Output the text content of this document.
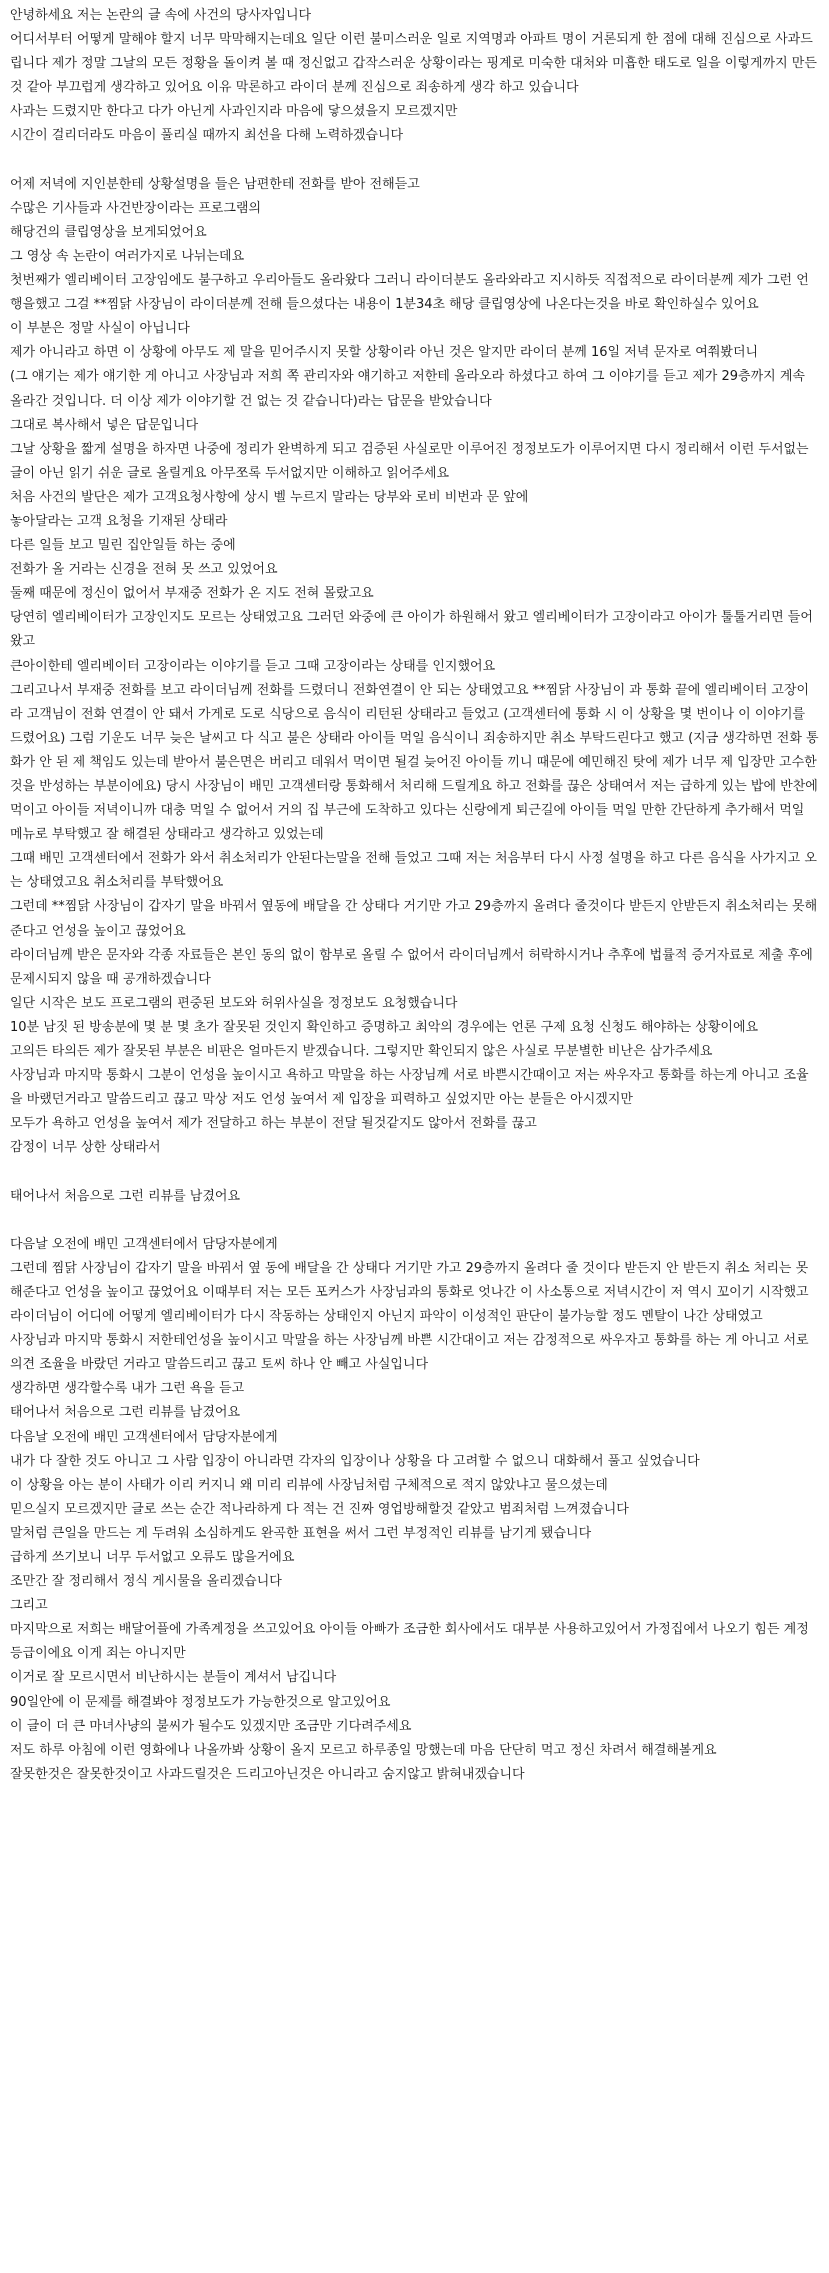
안녕하세요 저는 논란의 글 속에 사건의 당사자입니다

어디서부터 어떻게 말해야 할지 너무 막막해지는데요 일단 이런 불미스러운 일로 지역명과 아파트 명이 거론되게 한 점에 대해 진심으로 사과드립니다 제가 정말 그날의 모든 정황을 돌이켜 볼 때 정신없고 갑작스러운 상황이라는 핑계로 미숙한 대처와 미흡한 태도로 일을 이렇게까지 만든 것 같아 부끄럽게 생각하고 있어요 이유 막론하고 라이더 분께 진심으로 죄송하게 생각 하고 있습니다

사과는 드렸지만 한다고 다가 아닌게 사과인지라 마음에 닿으셨을지 모르겠지만

시간이 걸리더라도 마음이 풀리실 때까지 최선을 다해 노력하겠습니다

어제 저녁에 지인분한테 상황설명을 들은 남편한테 전화를 받아 전해듣고

수많은 기사들과 사건반장이라는 프로그램의

해당건의 클립영상을 보게되었어요

그 영상 속 논란이 여러가지로 나뉘는데요

첫번째가 엘리베이터 고장임에도 불구하고 우리아들도 올라왔다 그러니 라이더분도 올라와라고 지시하듯 직접적으로 라이더분께 제가 그런 언행을했고 그걸 **찜닭 사장님이 라이더분께 전해 들으셨다는 내용이 1분34초 해당 클립영상에 나온다는것을 바로 확인하실수 있어요

이 부분은 정말 사실이 아닙니다

제가 아니라고 하면 이 상황에 아무도 제 말을 믿어주시지 못할 상황이라 아닌 것은 알지만 라이더 분께 16일 저녁 문자로 여쭤봤더니

(그 얘기는 제가 얘기한 게 아니고 사장님과 저희 쪽 관리자와 얘기하고 저한테 올라오라 하셨다고 하여 그 이야기를 듣고 제가 29층까지 계속 올라간 것입니다. 더 이상 제가 이야기할 건 없는 것 같습니다)라는 답문을 받았습니다

그대로 복사해서 넣은 답문입니다

그날 상황을 짧게 설명을 하자면 나중에 정리가 완벽하게 되고 검증된 사실로만 이루어진 정정보도가 이루어지면 다시 정리해서 이런 두서없는 글이 아닌 읽기 쉬운 글로 올릴게요 아무쪼록 두서없지만 이해하고 읽어주세요

처음 사건의 발단은 제가 고객요청사항에 상시 벨 누르지 말라는 당부와 로비 비번과 문 앞에

놓아달라는 고객 요청을 기재된 상태라

다른 일들 보고 밀린 집안일들 하는 중에

전화가 올 거라는 신경을 전혀 못 쓰고 있었어요

둘째 때문에 정신이 없어서 부재중 전화가 온 지도 전혀 몰랐고요

당연히 엘리베이터가 고장인지도 모르는 상태였고요 그러던 와중에 큰 아이가 하원해서 왔고 엘리베이터가 고장이라고 아이가 툴툴거리면 들어왔고

큰아이한테 엘리베이터 고장이라는 이야기를 듣고 그때 고장이라는 상태를 인지했어요

그리고나서 부재중 전화를 보고 라이더님께 전화를 드렸더니 전화연결이 안 되는 상태였고요 **찜닭 사장님이 과 통화 끝에 엘리베이터 고장이라 고객님이 전화 연결이 안 돼서 가게로 도로 식당으로 음식이 리턴된 상태라고 들었고 (고객센터에 통화 시 이 상황을 몇 번이나 이 이야기를 드렸어요) 그럼 기운도 너무 늦은 날씨고 다 식고 불은 상태라 아이들 먹일 음식이니 죄송하지만 취소 부탁드린다고 했고 (지금 생각하면 전화 통화가 안 된 제 책임도 있는데 받아서 불은면은 버리고 데워서 먹이면 될걸 늦어진 아이들 끼니 때문에 예민해진 탓에 제가 너무 제 입장만 고수한 것을 반성하는 부분이에요) 당시 사장님이 배민 고객센터랑 통화해서 처리해 드릴게요 하고 전화를 끊은 상태여서 저는 급하게 있는 밥에 반찬에 먹이고 아이들 저녁이니까 대충 먹일 수 없어서 거의 집 부근에 도착하고 있다는 신랑에게 퇴근길에 아이들 먹일 만한 간단하게 추가해서 먹일 메뉴로 부탁했고 잘 해결된 상태라고 생각하고 있었는데

그때 배민 고객센터에서 전화가 와서 취소처리가 안된다는말을 전해 들었고 그때 저는 처음부터 다시 사정 설명을 하고 다른 음식을 사가지고 오는 상태였고요 취소처리를 부탁했어요

그런데 **찜닭 사장님이 갑자기 말을 바꿔서 옆동에 배달을 간 상태다 거기만 가고 29층까지 올려다 줄것이다 받든지 안받든지 취소처리는 못해준다고 언성을 높이고 끊었어요

라이더님께 받은 문자와 각종 자료들은 본인 동의 없이 함부로 올릴 수 없어서 라이더님께서 허락하시거나 추후에 법률적 증거자료로 제출 후에 문제시되지 않을 때 공개하겠습니다

일단 시작은 보도 프로그램의 편중된 보도와 허위사실을 정정보도 요청했습니다

10분 남짓 된 방송분에 몇 분 몇 초가 잘못된 것인지 확인하고 증명하고 최악의 경우에는 언론 구제 요청 신청도 해야하는 상황이에요

고의든 타의든 제가 잘못된 부분은 비판은 얼마든지 받겠습니다. 그렇지만 확인되지 않은 사실로 무분별한 비난은 삼가주세요

사장님과 마지막 통화시 그분이 언성을 높이시고 욕하고 막말을 하는 사장님께 서로 바쁜시간때이고 저는 싸우자고 통화를 하는게 아니고 조율을 바랬던거라고 말씀드리고 끊고 막상 저도 언성 높여서 제 입장을 피력하고 싶었지만 아는 분들은 아시겠지만

모두가 욕하고 언성을 높여서 제가 전달하고 하는 부분이 전달 될것같지도 않아서 전화를 끊고

감정이 너무 상한 상태라서

태어나서 처음으로 그런 리뷰를 남겼어요

다음날 오전에 배민 고객센터에서 담당자분에게

그런데 찜닭 사장님이 갑자기 말을 바꿔서 옆 동에 배달을 간 상태다 거기만 가고 29층까지 올려다 줄 것이다 받든지 안 받든지 취소 처리는 못해준다고 언성을 높이고 끊었어요 이때부터 저는 모든 포커스가 사장님과의 통화로 엇나간 이 사소통으로 저녁시간이 저 역시 꼬이기 시작했고 라이더님이 어디에 어떻게 엘리베이터가 다시 작동하는 상태인지 아닌지 파악이 이성적인 판단이 불가능할 정도 멘탈이 나간 상태였고

사장님과 마지막 통화시 저한테언성을 높이시고 막말을 하는 사장님께 바쁜 시간대이고 저는 감정적으로 싸우자고 통화를 하는 게 아니고 서로 의견 조율을 바랐던 거라고 말씀드리고 끊고 토씨 하나 안 빼고 사실입니다

생각하면 생각할수록 내가 그런 욕을 듣고

태어나서 처음으로 그런 리뷰를 남겼어요

다음날 오전에 배민 고객센터에서 담당자분에게

내가 다 잘한 것도 아니고 그 사람 입장이 아니라면 각자의 입장이나 상황을 다 고려할 수 없으니 대화해서 풀고 싶었습니다

이 상황을 아는 분이 사태가 이리 커지니 왜 미리 리뷰에 사장님처럼 구체적으로 적지 않았냐고 물으셨는데

믿으실지 모르겠지만 글로 쓰는 순간 적나라하게 다 적는 건 진짜 영업방해할것 같았고 범죄처럼 느껴졌습니다

말처럼 큰일을 만드는 게 두려워 소심하게도 완곡한 표현을 써서 그런 부정적인 리뷰를 남기게 됐습니다

급하게 쓰기보니 너무 두서없고 오류도 많을거에요

조만간 잘 정리해서 정식 게시물을 올리겠습니다

그리고

마지막으로 저희는 배달어플에 가족계정을 쓰고있어요 아이들 아빠가 조금한 회사에서도 대부분 사용하고있어서 가정집에서 나오기 힘든 계정 등급이에요 이게 죄는 아니지만

이거로 잘 모르시면서 비난하시는 분들이 계셔서 남깁니다

90일안에 이 문제를 해결봐야 정정보도가 가능한것으로 알고있어요

이 글이 더 큰 마녀사냥의 불씨가 될수도 있겠지만 조금만 기다려주세요

저도 하루 아침에 이런 영화에나 나올까봐 상황이 올지 모르고 하루종일 망했는데 마음 단단히 먹고 정신 차려서 해결해볼게요

잘못한것은 잘못한것이고 사과드릴것은 드리고아닌것은 아니라고 숨지않고 밝혀내겠습니다
